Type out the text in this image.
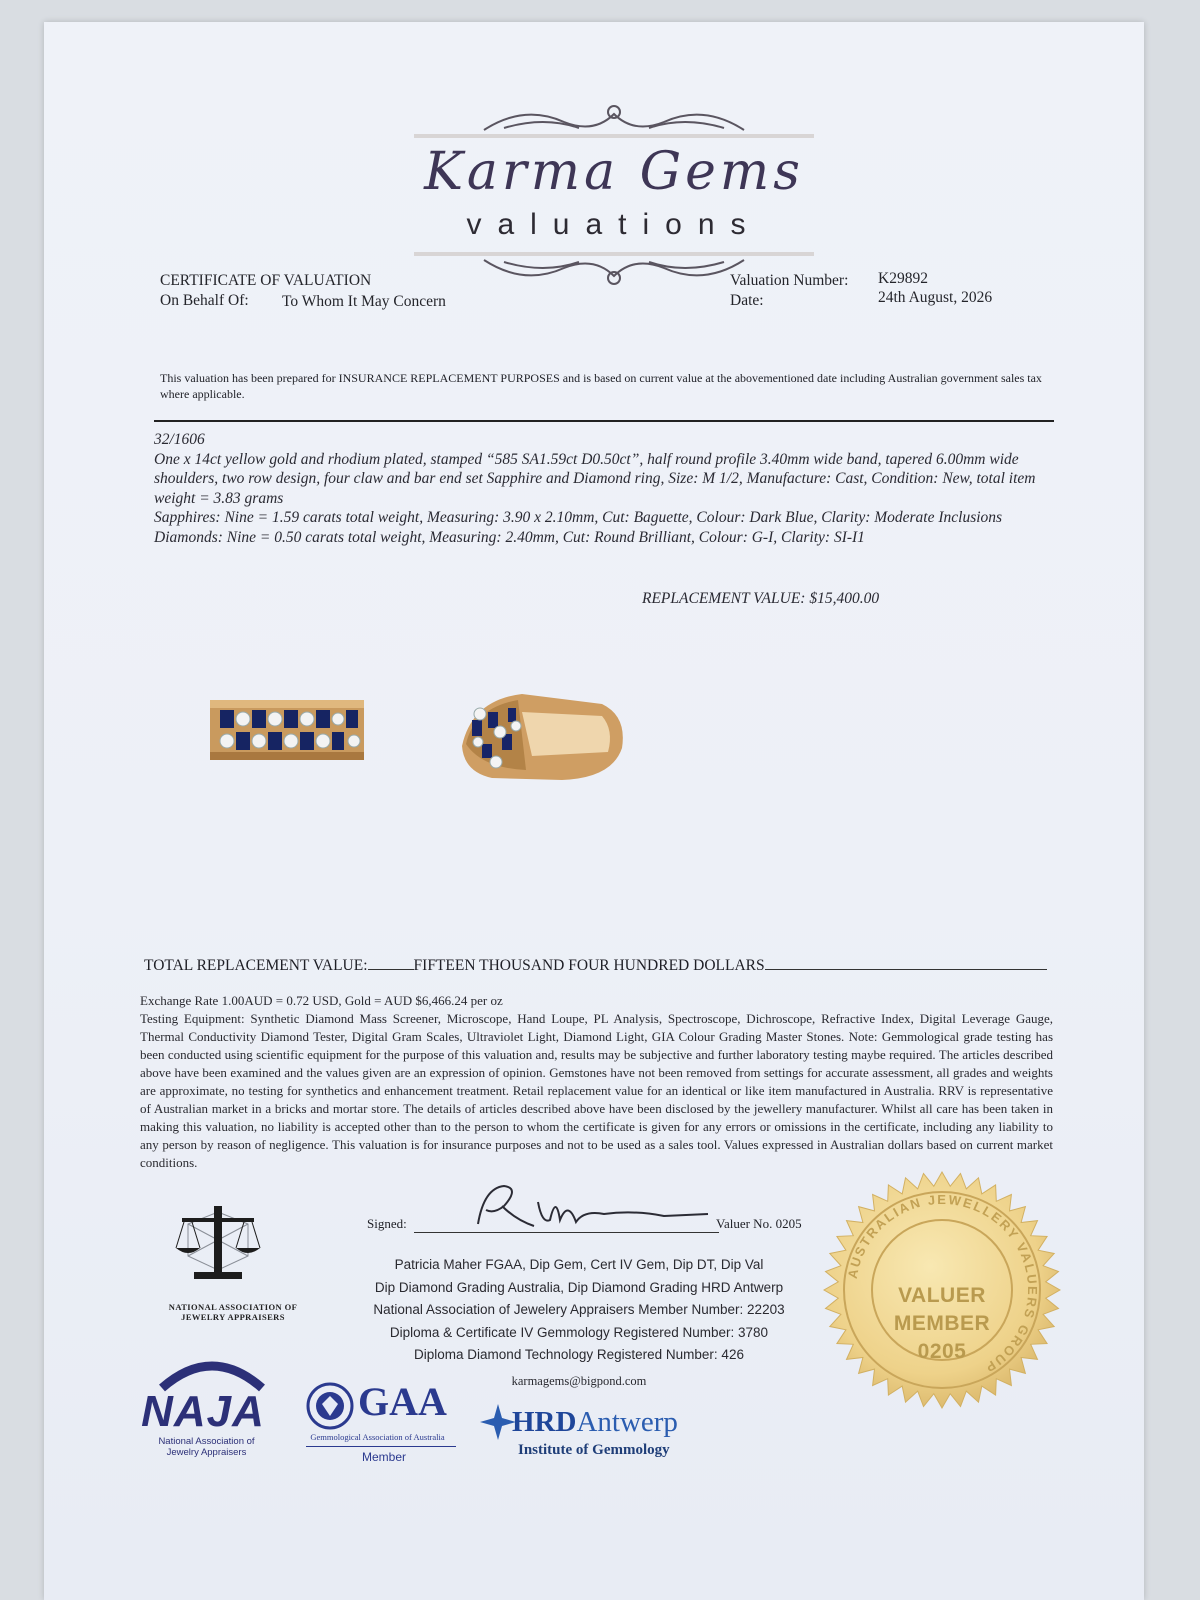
Karma Gems
valuations
CERTIFICATE OF VALUATION
On Behalf Of: To Whom It May Concern
Valuation Number: K29892
Date:	24th August, 2026
This valuation has been prepared for INSURANCE REPLACEMENT PURPOSES and is based on current value at the abovementioned date including Australian government sales tax where applicable.

32/1606

One x 14ct yellow gold and rhodium plated, stamped “585 SA1.59ct D0.50ct”, half round profile 3.40mm wide band, tapered 6.00mm wide shoulders, two row design, four claw and bar end set Sapphire and Diamond ring, Size: M 1/2, Manufacture: Cast, Condition: New, total item weight = 3.83 grams

Sapphires: Nine = 1.59 carats total weight, Measuring: 3.90 x 2.10mm, Cut: Baguette, Colour: Dark Blue, Clarity: Moderate Inclusions

Diamonds: Nine = 0.50 carats total weight, Measuring: 2.40mm, Cut: Round Brilliant, Colour: G-I, Clarity: SI-I1

REPLACEMENT VALUE: $15,400.00
TOTAL REPLACEMENT VALUE:	FIFTEEN THOUSAND FOUR HUNDRED DOLLARS
Exchange Rate 1.00AUD = 0.72 USD, Gold = AUD $6,466.24 per oz
Testing Equipment: Synthetic Diamond Mass Screener, Microscope, Hand Loupe, PL Analysis, Spectroscope, Dichroscope, Refractive Index, Digital Leverage Gauge, Thermal Conductivity Diamond Tester, Digital Gram Scales, Ultraviolet Light, Diamond Light, GIA Colour Grading Master Stones. Note: Gemmological grade testing has been conducted using scientific equipment for the purpose of this valuation and, results may be subjective and further laboratory testing maybe required. The articles described above have been examined and the values given are an expression of opinion. Gemstones have not been removed from settings for accurate assessment, all grades and weights are approximate, no testing for synthetics and enhancement treatment. Retail replacement value for an identical or like item manufactured in Australia. RRV is representative of Australian market in a bricks and mortar store. The details of articles described above have been disclosed by the jewellery manufacturer. Whilst all care has been taken in making this valuation, no liability is accepted other than to the person to whom the certificate is given for any errors or omissions in the certificate, including any liability to any person by reason of negligence. This valuation is for insurance purposes and not to be used as a sales tool. Values expressed in Australian dollars based on current market conditions.
Signed:	Valuer No. 0205
Patricia Maher FGAA, Dip Gem, Cert IV Gem, Dip DT, Dip Val
Dip Diamond Grading Australia, Dip Diamond Grading HRD Antwerp
National Association of Jewelery Appraisers Member Number: 22203
Diploma & Certificate IV Gemmology Registered Number: 3780
Diploma Diamond Technology Registered Number: 426
karmagems@bigpond.com
NATIONAL ASSOCIATION OF
JEWELRY APPRAISERS
NAJA
National Association of
Jewelry Appraisers
GAA
Gemmological Association of Australia
Member
HRDAntwerp
Institute of Gemmology
AUSTRALIAN JEWELLERY VALUERS GROUP
VALUER
MEMBER
0205
